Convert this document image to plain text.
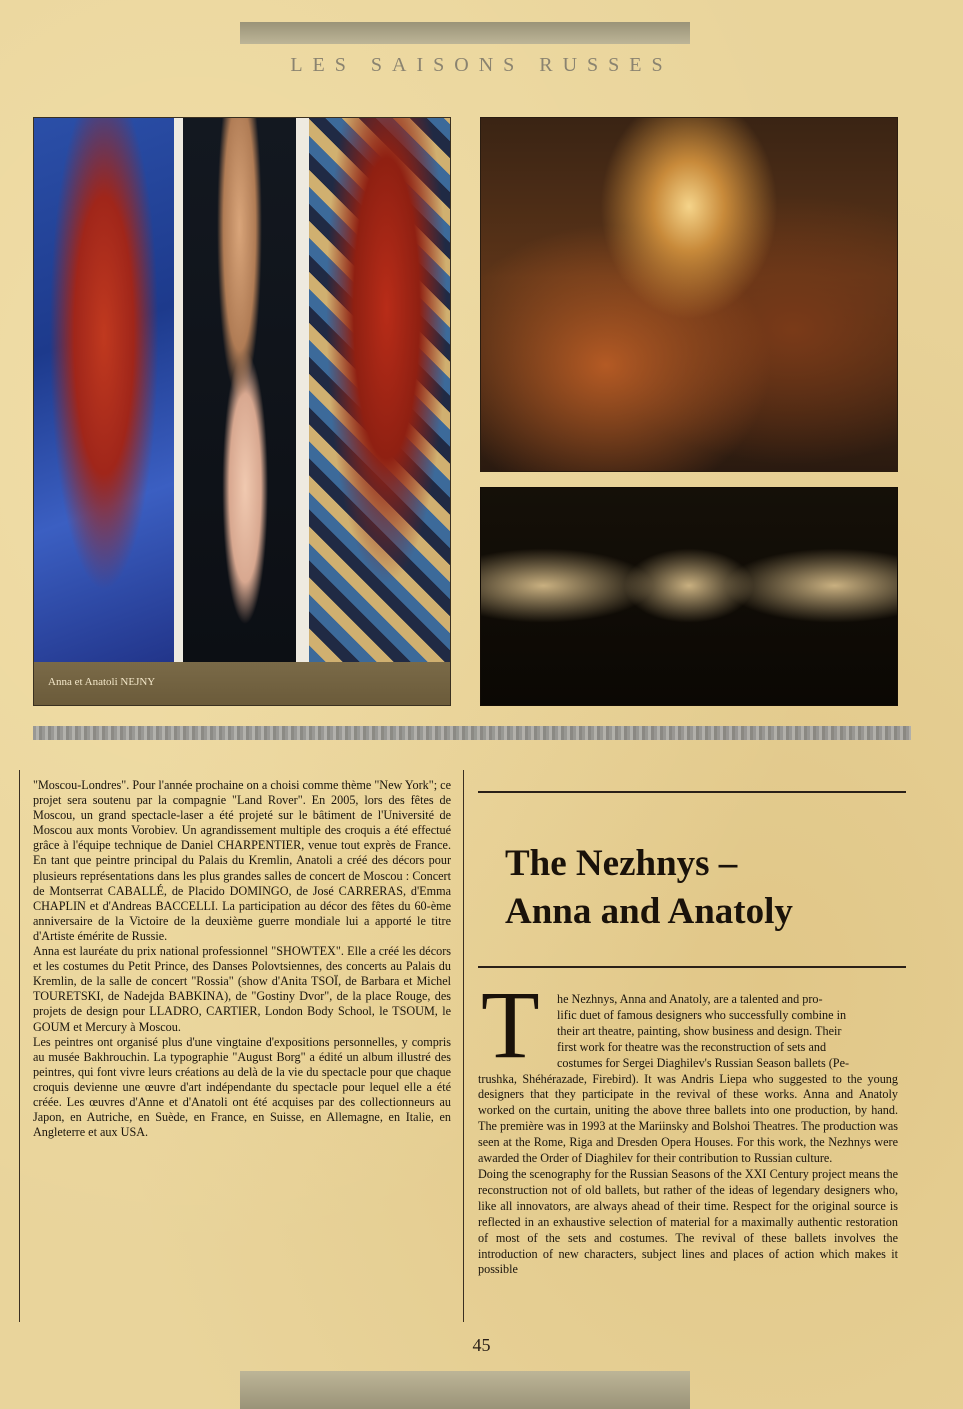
LES SAISONS RUSSES
Anna et Anatoli NEJNY

"Moscou-Londres". Pour l'année prochaine on a choisi comme thème "New York"; ce projet sera soutenu par la compagnie "Land Rover". En 2005, lors des fêtes de Moscou, un grand spectacle-laser a été projeté sur le bâtiment de l'Université de Moscou aux monts Vorobiev. Un agrandissement multiple des croquis a été effectué grâce à l'équipe technique de Daniel CHARPENTIER, venue tout exprès de France. En tant que peintre principal du Palais du Kremlin, Anatoli a créé des décors pour plusieurs représentations dans les plus grandes salles de concert de Moscou : Concert de Montserrat CABALLÉ, de Placido DOMINGO, de José CARRERAS, d'Emma CHAPLIN et d'Andreas BACCELLI. La participation au décor des fêtes du 60-ème anniversaire de la Victoire de la deuxième guerre mondiale lui a apporté le titre d'Artiste émérite de Russie.

Anna est lauréate du prix national professionnel "SHOWTEX". Elle a créé les décors et les costumes du Petit Prince, des Danses Polovtsiennes, des concerts au Palais du Kremlin, de la salle de concert "Rossia" (show d'Anita TSOÏ, de Barbara et Michel TOURETSKI, de Nadejda BABKINA), de "Gostiny Dvor", de la place Rouge, des projets de design pour LLADRO, CARTIER, London Body School, le TSOUM, le GOUM et Mercury à Moscou.

Les peintres ont organisé plus d'une vingtaine d'expositions personnelles, y compris au musée Bakhrouchin. La typographie "August Borg" a édité un album illustré des peintres, qui font vivre leurs créations au delà de la vie du spectacle pour que chaque croquis devienne une œuvre d'art indépendante du spectacle pour lequel elle a été créée. Les œuvres d'Anne et d'Anatoli ont été acquises par des collectionneurs au Japon, en Autriche, en Suède, en France, en Suisse, en Allemagne, en Italie, en Angleterre et aux USA.

The Nezhnys –
Anna and Anatoly
T	he Nezhnys, Anna and Anatoly, are a talented and pro-
lific duet of famous designers who successfully combine in
their art theatre, painting, show business and design. Their
first work for theatre was the reconstruction of sets and
costumes for Sergei Diaghilev's Russian Season ballets (Pe-

trushka, Shéhérazade, Firebird). It was Andris Liepa who suggested to the young designers that they participate in the revival of these works. Anna and Anatoly worked on the curtain, uniting the above three ballets into one production, by hand. The première was in 1993 at the Mariinsky and Bolshoi Theatres. The production was seen at the Rome, Riga and Dresden Opera Houses. For this work, the Nezhnys were awarded the Order of Diaghilev for their contribution to Russian culture.

Doing the scenography for the Russian Seasons of the XXI Century project means the reconstruction not of old ballets, but rather of the ideas of legendary designers who, like all innovators, are always ahead of their time. Respect for the original source is reflected in an exhaustive selection of material for a maximally authentic restoration of most of the sets and costumes. The revival of these ballets involves the introduction of new characters, subject lines and places of action which makes it possible

45
